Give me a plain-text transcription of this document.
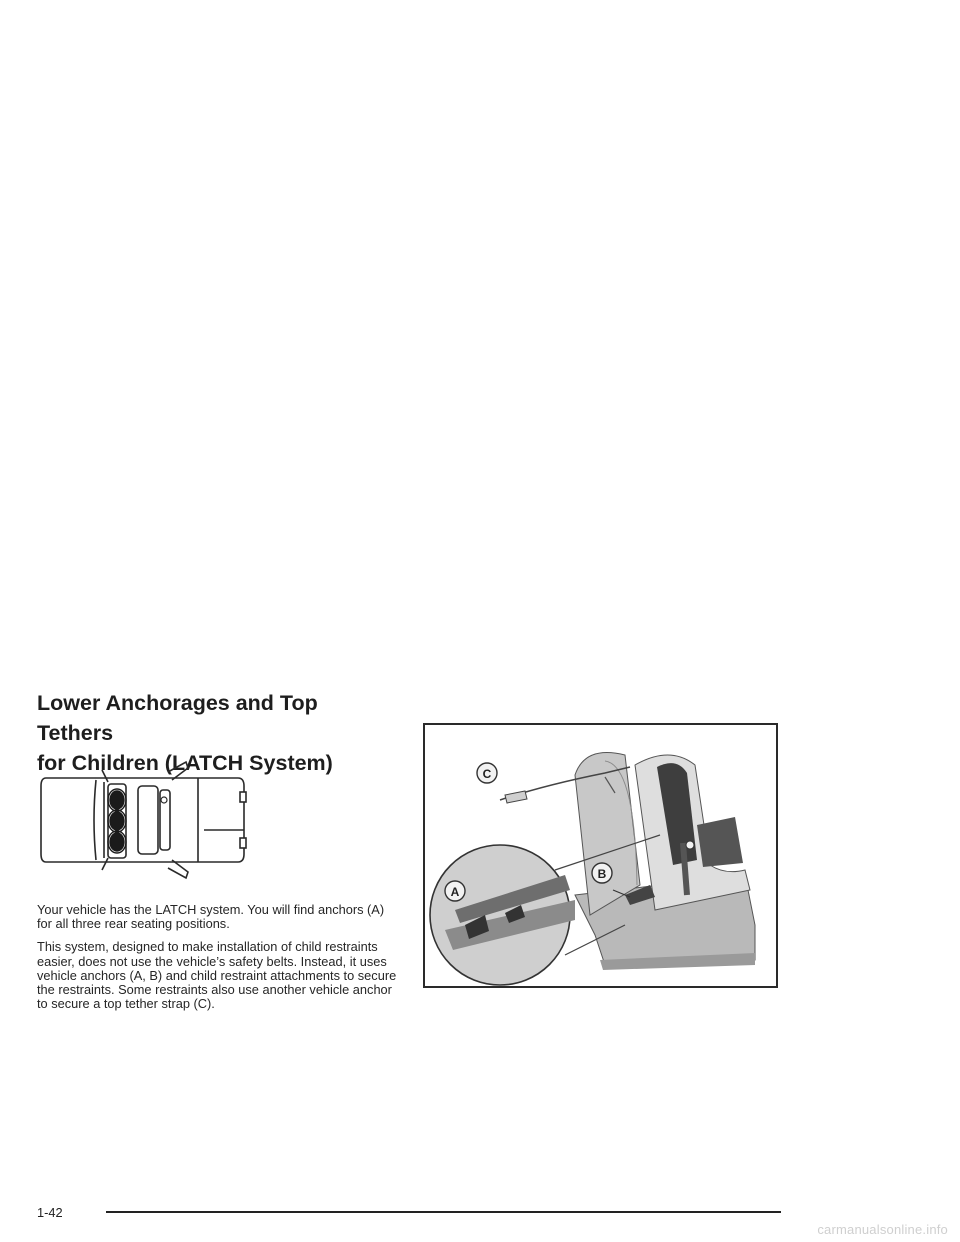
Lower Anchorages and Top Tethers
for Children (LATCH System)

Your vehicle has the LATCH system. You will find anchors (A) for all three rear seating positions.

This system, designed to make installation of child restraints easier, does not use the vehicle’s safety belts. Instead, it uses vehicle anchors (A, B) and child restraint attachments to secure the restraints. Some restraints also use another vehicle anchor to secure a top tether strap (C).

C
A
B
1-42
carmanualsonline.info
